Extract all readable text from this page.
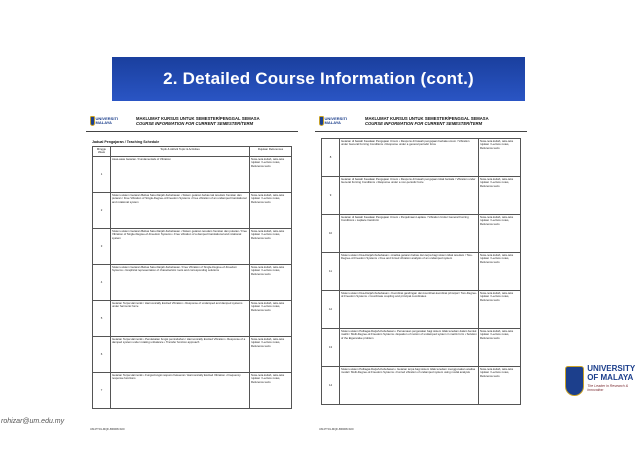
2. Detailed Course Information (cont.)
UNIVERSITI
MALAYA
MAKLUMAT KURSUS UNTUK SEMESTER/PENGGAL SEMASA
COURSE INFORMATION FOR CURRENT SEMESTER/TERM
Jadual Pengajaran / Teaching Schedule
Minggu Week	Topik & Aktiviti Topic & Activities	Rujukan References
1	Asas-asas Getaran / Fundamentals of Vibration	Nota-nota kuliah, teks-teks rujukan / Lecture notes, Reference texts
2	Sistem-sistem Getaran Bebas Satu-Darjah-Kebebasan • Sistem getaran bebas tak teredam frenstan dan putaran / Free Vibration of Single-Degree-of-Freedom Systems • Free vibration of an undamped translational and rotational system	Nota-nota kuliah, teks-teks rujukan / Lecture notes, Reference texts
3	Sistem-sistem Getaran Bebas Satu-Darjah-Kebebasan • Sistem getaran teredam frenstan dan putaran / Free Vibration of Single-Degree-of-Freedom Systems • Free vibration of a damped translational and rotational system	Nota-nota kuliah, teks-teks rujukan / Lecture notes, Reference texts
4	Sistem-sistem Getaran Bebas Satu-Darjah-Kebebasan / Free Vibration of Single-Degree-of-Freedom Systems • Graphical representation of characteristic roots and corresponding solutions	Nota-nota kuliah, teks-teks rujukan / Lecture notes, Reference texts
5	Getaran Terpa Harmonik / Harmonically Excited Vibration • Response of undamped and damped systems under harmonic force	Nota-nota kuliah, teks-teks rujukan / Lecture notes, Reference texts
6	Getaran Terpa Harmonik • Pendekatan fungsi pemindahan / Harmonically Excited Vibration • Response of a damped system under rotating unbalance • Transfer function approach	Nota-nota kuliah, teks-teks rujukan / Lecture notes, Reference texts
7	Getaran Terpa Harmonik • Fungsi-fungsi respons frekuensi / Harmonically Excited Vibration • Frequency response functions	Nota-nota kuliah, teks-teks rujukan / Lecture notes, Reference texts
UM-PT01-MQF-BR008-S00
UNIVERSITI
MALAYA
MAKLUMAT KURSUS UNTUK SEMESTER/PENGGAL SEMASA
COURSE INFORMATION FOR CURRENT SEMESTER/TERM
8	Getaran di bawah Keadaan Pengujaan Umum • Respons di bawah pengujaan berkala umum / Vibration under General Forcing Conditions • Response under a general periodic force	Nota-nota kuliah, teks-teks rujukan / Lecture notes, Reference texts
9	Getaran di bawah Keadaan Pengujaan Umum • Respons di bawah pengujaan tidak berkala / Vibration under General Forcing Conditions • Response under a non-periodic force	Nota-nota kuliah, teks-teks rujukan / Lecture notes, Reference texts
10	Getaran di bawah Keadaan Pengujaan Umum • Penjelmaan Laplace / Vibration Under General Forcing Conditions • Laplace transform	Nota-nota kuliah, teks-teks rujukan / Lecture notes, Reference texts
11	Sistem-sistem Dua-Darjah-Kebebasan • Analisa getaran bebas dan terpa bagi sistem tidak teredam / Two-Degree-of-Freedom Systems • Free and forced vibration analysis of an undamped system	Nota-nota kuliah, teks-teks rujukan / Lecture notes, Reference texts
12	Sistem-sistem Dua-Darjah-Kebebasan • Koordinat gandingan dan koordinat-koordinat prinsipal / Two-Degree-of-Freedom Systems • Coordinate coupling and principal coordinates	Nota-nota kuliah, teks-teks rujukan / Lecture notes, Reference texts
13	Sistem-sistem Pelbagai-Darjah-Kebebasan • Persamaan pergerakan bagi sistem tidak teredam dalam bentuk matrik / Multi-Degree-of-Freedom Systems • Equation of motion of undamped system in matrix form • Solution of the Eigenvalue problem	Nota-nota kuliah, teks-teks rujukan / Lecture notes, Reference texts
14	Sistem-sistem Pelbagai-Darjah-Kebebasan • Getaran terpa bagi sistem tidak teredam menggunakan analisa modal / Multi-Degree-of-Freedom Systems • Forced vibration of undamped system using modal analysis	Nota-nota kuliah, teks-teks rujukan / Lecture notes, Reference texts
UM-PT01-MQF-BR008-S00
rohizar@um.edu.my
UNIVERSITY
OF MALAYA
The Leader in Research & Innovation
